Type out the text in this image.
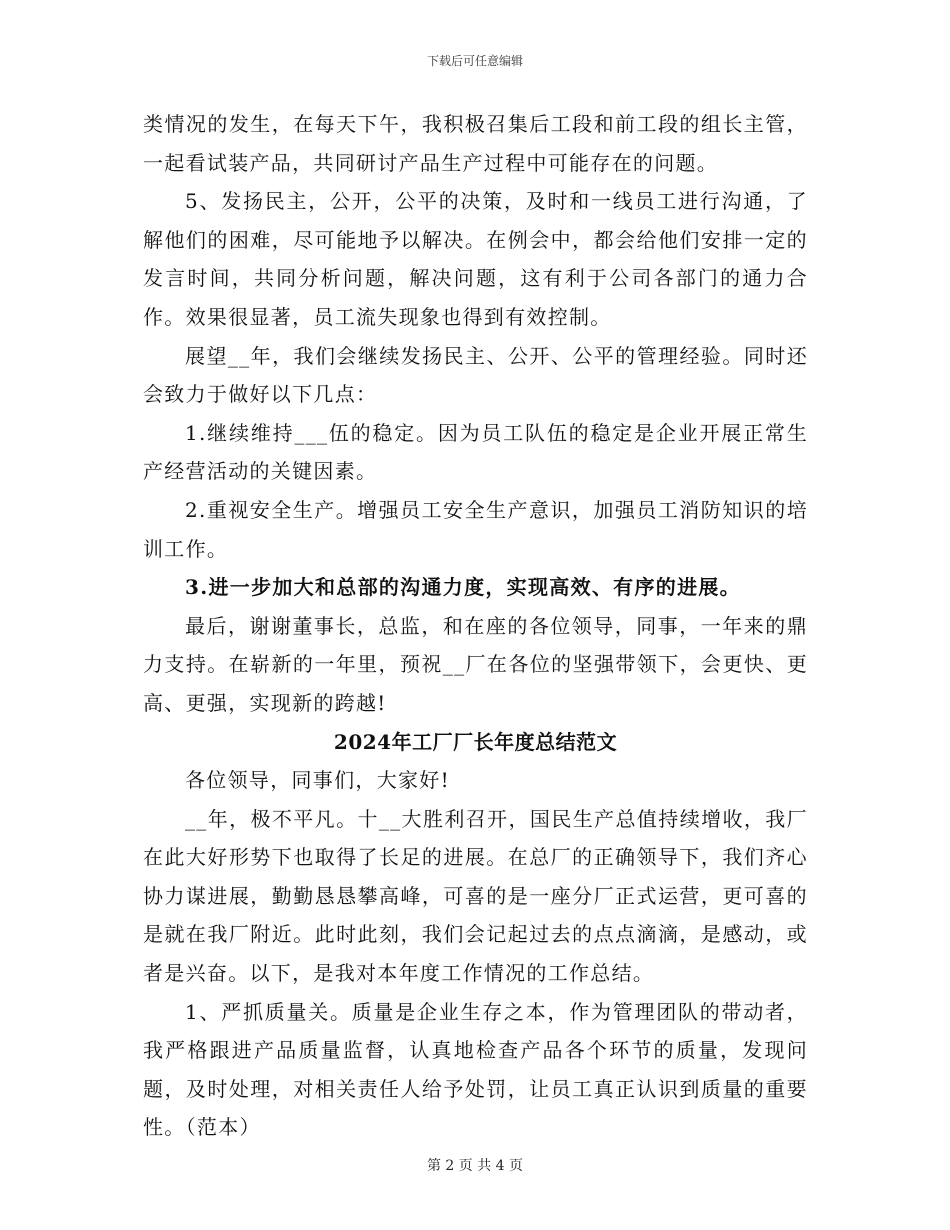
下载后可任意编辑

类情况的发生，在每天下午，我积极召集后工段和前工段的组长主管，一起看试装产品，共同研讨产品生产过程中可能存在的问题。

5、发扬民主，公开，公平的决策，及时和一线员工进行沟通，了解他们的困难，尽可能地予以解决。在例会中，都会给他们安排一定的发言时间，共同分析问题，解决问题，这有利于公司各部门的通力合作。效果很显著，员工流失现象也得到有效控制。

展望__年，我们会继续发扬民主、公开、公平的管理经验。同时还会致力于做好以下几点：

1.继续维持___伍的稳定。因为员工队伍的稳定是企业开展正常生产经营活动的关键因素。

2.重视安全生产。增强员工安全生产意识，加强员工消防知识的培训工作。

3.进一步加大和总部的沟通力度，实现高效、有序的进展。

最后，谢谢董事长，总监，和在座的各位领导，同事，一年来的鼎力支持。在崭新的一年里，预祝__厂在各位的坚强带领下，会更快、更高、更强，实现新的跨越!

2024年工厂厂长年度总结范文

各位领导，同事们，大家好!

__年，极不平凡。十__大胜利召开，国民生产总值持续增收，我厂在此大好形势下也取得了长足的进展。在总厂的正确领导下，我们齐心协力谋进展，勤勤恳恳攀高峰，可喜的是一座分厂正式运营，更可喜的是就在我厂附近。此时此刻，我们会记起过去的点点滴滴，是感动，或者是兴奋。以下，是我对本年度工作情况的工作总结。

1、严抓质量关。质量是企业生存之本，作为管理团队的带动者，我严格跟进产品质量监督，认真地检查产品各个环节的质量，发现问题，及时处理，对相关责任人给予处罚，让员工真正认识到质量的重要性。（范本）

第 2 页 共 4 页
